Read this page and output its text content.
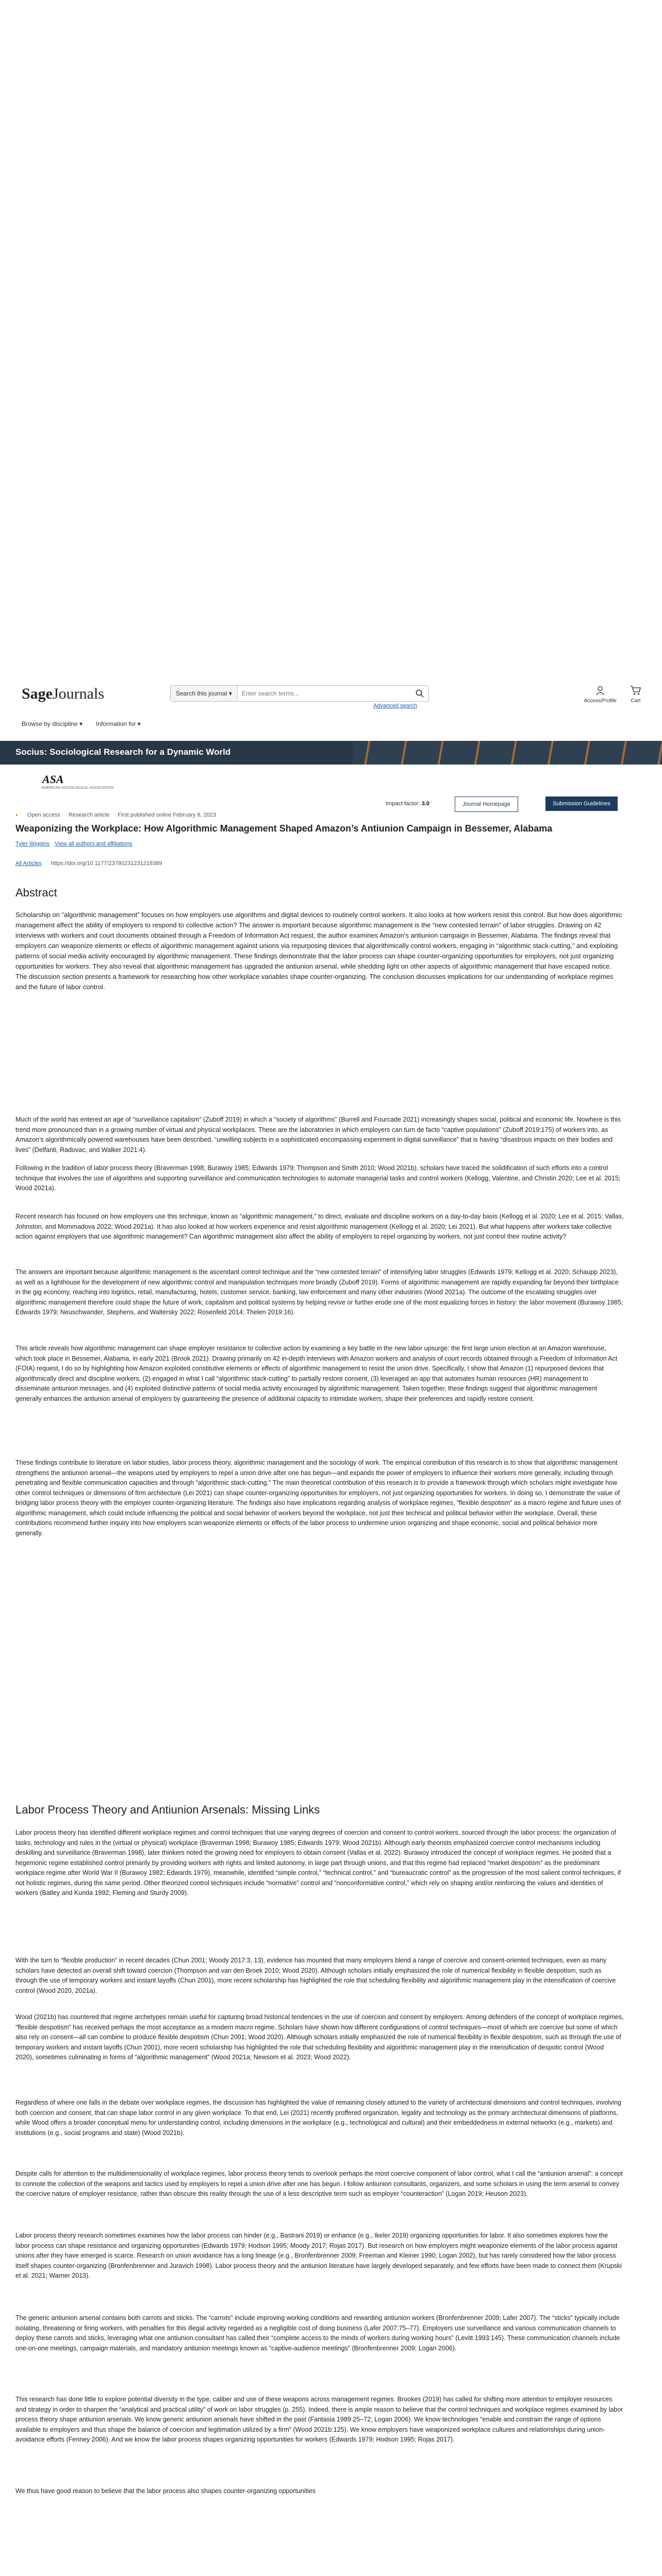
SageJournals	Search this journal ▾
Enter search terms...
Advanced search
Access/Profile	Cart
Browse by discipline ▾ Information for ▾
Socius: Sociological Research for a Dynamic World
ASA
AMERICAN SOCIOLOGICAL ASSOCIATION
Impact factor: 3.0	Journal Homepage	Submission Guidelines
◐ Open access Research article First published online February 8, 2023
Weaponizing the Workplace: How Algorithmic Management Shaped Amazon’s Antiunion Campaign in Bessemer, Alabama
Tyler Wiggins View all authors and affiliations
All Articles https://doi.org/10.1177/23780231231218389
Abstract

Scholarship on “algorithmic management” focuses on how employers use algorithms and digital devices to routinely control workers. It also looks at how workers resist this control. But how does algorithmic management affect the ability of employers to respond to collective action? The answer is important because algorithmic management is the “new contested terrain” of labor struggles. Drawing on 42 interviews with workers and court documents obtained through a Freedom of Information Act request, the author examines Amazon’s antiunion campaign in Bessemer, Alabama. The findings reveal that employers can weaponize elements or effects of algorithmic management against unions via repurposing devices that algorithmically control workers, engaging in “algorithmic stack-cutting,” and exploiting patterns of social media activity encouraged by algorithmic management. These findings demonstrate that the labor process can shape counter-organizing opportunities for employers, not just organizing opportunities for workers. They also reveal that algorithmic management has upgraded the antiunion arsenal, while shedding light on other aspects of algorithmic management that have escaped notice. The discussion section presents a framework for researching how other workplace variables shape counter-organizing. The conclusion discusses implications for our understanding of workplace regimes and the future of labor control.

Much of the world has entered an age of “surveillance capitalism” (Zuboff 2019) in which a “society of algorithms” (Burrell and Fourcade 2021) increasingly shapes social, political and economic life. Nowhere is this trend more pronounced than in a growing number of virtual and physical workplaces. These are the laboratories in which employers can turn de facto “captive populations” (Zuboff 2019:175) of workers into, as Amazon’s algorithmically powered warehouses have been described, “unwilling subjects in a sophisticated encompassing experiment in digital surveillance” that is having “disastrous impacts on their bodies and lives” (Delfanti, Radovac, and Walker 2021:4).

Following in the tradition of labor process theory (Braverman 1998; Burawoy 1985; Edwards 1979; Thompson and Smith 2010; Wood 2021b), scholars have traced the solidification of such efforts into a control technique that involves the use of algorithms and supporting surveillance and communication technologies to automate managerial tasks and control workers (Kellogg, Valentine, and Christin 2020; Lee et al. 2015; Wood 2021a).

Recent research has focused on how employers use this technique, known as “algorithmic management,” to direct, evaluate and discipline workers on a day-to-day basis (Kellogg et al. 2020; Lee et al. 2015; Vallas, Johnston, and Mommadova 2022; Wood 2021a). It has also looked at how workers experience and resist algorithmic management (Kellogg et al. 2020; Lei 2021). But what happens after workers take collective action against employers that use algorithmic management? Can algorithmic management also affect the ability of employers to repel organizing by workers, not just control their routine activity?

The answers are important because algorithmic management is the ascendant control technique and the “new contested terrain” of intensifying labor struggles (Edwards 1979; Kellogg et al. 2020; Schaupp 2023), as well as a lighthouse for the development of new algorithmic control and manipulation techniques more broadly (Zuboff 2019). Forms of algorithmic management are rapidly expanding far beyond their birthplace in the gig economy, reaching into logistics, retail, manufacturing, hotels, customer service, banking, law enforcement and many other industries (Wood 2021a). The outcome of the escalating struggles over algorithmic management therefore could shape the future of work, capitalism and political systems by helping revive or further erode one of the most equalizing forces in history: the labor movement (Burawoy 1985; Edwards 1979; Neuschwander, Stephens, and Waltersky 2022; Rosenfeld 2014; Thelen 2019:16).

This article reveals how algorithmic management can shape employer resistance to collective action by examining a key battle in the new labor upsurge: the first large union election at an Amazon warehouse, which took place in Bessemer, Alabama, in early 2021 (Brook 2021). Drawing primarily on 42 in-depth interviews with Amazon workers and analysis of court records obtained through a Freedom of Information Act (FOIA) request, I do so by highlighting how Amazon exploited constitutive elements or effects of algorithmic management to resist the union drive. Specifically, I show that Amazon (1) repurposed devices that algorithmically direct and discipline workers, (2) engaged in what I call “algorithmic stack-cutting” to partially restore consent, (3) leveraged an app that automates human resources (HR) management to disseminate antiunion messages, and (4) exploited distinctive patterns of social media activity encouraged by algorithmic management. Taken together, these findings suggest that algorithmic management generally enhances the antiunion arsenal of employers by guaranteeing the presence of additional capacity to intimidate workers, shape their preferences and rapidly restore consent.

These findings contribute to literature on labor studies, labor process theory, algorithmic management and the sociology of work. The empirical contribution of this research is to show that algorithmic management strengthens the antiunion arsenal—the weapons used by employers to repel a union drive after one has begun—and expands the power of employers to influence their workers more generally, including through penetrating and flexible communication capacities and through “algorithmic stack-cutting.” The main theoretical contribution of this research is to provide a framework through which scholars might investigate how other control techniques or dimensions of firm architecture (Lei 2021) can shape counter-organizing opportunities for employers, not just organizing opportunities for workers. In doing so, I demonstrate the value of bridging labor process theory with the employer counter-organizing literature. The findings also have implications regarding analysis of workplace regimes, “flexible despotism” as a macro regime and future uses of algorithmic management, which could include influencing the political and social behavior of workers beyond the workplace, not just their technical and political behavior within the workplace. Overall, these contributions recommend further inquiry into how employers scan weaponize elements or effects of the labor process to undermine union organizing and shape economic, social and political behavior more generally.

Labor Process Theory and Antiunion Arsenals: Missing Links

Labor process theory has identified different workplace regimes and control techniques that use varying degrees of coercion and consent to control workers, sourced through the labor process: the organization of tasks, technology and rules in the (virtual or physical) workplace (Braverman 1998; Burawoy 1985; Edwards 1979; Wood 2021b). Although early theorists emphasized coercive control mechanisms including deskilling and surveillance (Braverman 1998), later thinkers noted the growing need for employers to obtain consent (Vallas et al. 2022). Burawoy introduced the concept of workplace regimes. He posited that a hegemonic regime established control primarily by providing workers with rights and limited autonomy, in large part through unions, and that this regime had replaced “market despotism” as the predominant workplace regime after World War II (Burawoy 1982; Edwards 1979), meanwhile, identified “simple control,” “technical control,” and “bureaucratic control” as the progression of the most salient control techniques, if not holistic regimes, during the same period. Other theorized control techniques include “normative” control and “nonconformative control,” which rely on shaping and/or reinforcing the values and identities of workers (Batley and Kunda 1992; Fleming and Sturdy 2009).

With the turn to “flexible production” in recent decades (Chun 2001; Woody 2017:3, 13), evidence has mounted that many employers blend a range of coercive and consent-oriented techniques, even as many scholars have detected an overall shift toward coercion (Thompson and van den Broek 2010; Wood 2020). Although scholars initially emphasized the role of numerical flexibility in flexible despotism, such as through the use of temporary workers and instant layoffs (Chun 2001), more recent scholarship has highlighted the role that scheduling flexibility and algorithmic management play in the intensification of coercive control (Wood 2020, 2021a).

Wood (2021b) has countered that regime archetypes remain useful for capturing broad historical tendencies in the use of coercion and consent by employers. Among defenders of the concept of workplace regimes, “flexible despotism” has received perhaps the most acceptance as a modern macro regime. Scholars have shown how different configurations of control techniques—most of which are coercive but some of which also rely on consent—all can combine to produce flexible despotism (Chun 2001; Wood 2020). Although scholars initially emphasized the role of numerical flexibility in flexible despotism, such as through the use of temporary workers and instant layoffs (Chun 2001), more recent scholarship has highlighted the role that scheduling flexibility and algorithmic management play in the intensification of despotic control (Wood 2020), sometimes culminating in forms of “algorithmic management” (Wood 2021a; Newsom et al. 2023; Wood 2022).

Regardless of where one falls in the debate over workplace regimes, the discussion has highlighted the value of remaining closely attuned to the variety of architectural dimensions and control techniques, involving both coercion and consent, that can shape labor control in any given workplace. To that end, Lei (2021) recently proffered organization, legality and technology as the primary architectural dimensions of platforms, while Wood offers a broader conceptual menu for understanding control, including dimensions in the workplace (e.g., technological and cultural) and their embeddedness in external networks (e.g., markets) and institutions (e.g., social programs and state) (Wood 2021b).

Despite calls for attention to the multidimensionality of workplace regimes, labor process theory tends to overlook perhaps the most coercive component of labor control, what I call the “antiunion arsenal”: a concept to connote the collection of the weapons and tactics used by employers to repel a union drive after one has begun. I follow antiunion consultants, organizers, and some scholars in using the term arsenal to convey the coercive nature of employer resistance, rather than obscure this reality through the use of a less descriptive term such as employer “counteraction” (Logan 2019; Heuson 2023).

Labor process theory research sometimes examines how the labor process can hinder (e.g., Bastrani 2019) or enhance (e.g., Ikeler 2019) organizing opportunities for labor. It also sometimes explores how the labor process can shape resistance and organizing opportunities (Edwards 1979; Hodson 1995; Moody 2017; Rojas 2017). But research on how employers might weaponize elements of the labor process against unions after they have emerged is scarce. Research on union avoidance has a long lineage (e.g., Bronfenbrenner 2009; Freeman and Kleiner 1990; Logan 2002), but has rarely considered how the labor process itself shapes counter-organizing (Bronfenbrenner and Juravich 1998). Labor process theory and the antiunion literature have largely developed separately, and few efforts have been made to connect them (Krupski et al. 2021; Warner 2013).

The generic antiunion arsenal contains both carrots and sticks. The “carrots” include improving working conditions and rewarding antiunion workers (Bronfenbrenner 2009; Lafer 2007). The “sticks” typically include isolating, threatening or firing workers, with penalties for this illegal activity regarded as a negligible cost of doing business (Lafer 2007:75–77). Employers use surveillance and various communication channels to deploy these carrots and sticks, leveraging what one antiunion consultant has called their “complete access to the minds of workers during working hours” (Levitt 1993:145). These communication channels include one-on-one meetings, campaign materials, and mandatory antiunion meetings known as “captive-audience meetings” (Bronfenbrenner 2009; Logan 2006).

This research has done little to explore potential diversity in the type, caliber and use of these weapons across management regimes. Brookes (2019) has called for shifting more attention to employer resources and strategy in order to sharpen the “analytical and practical utility” of work on labor struggles (p. 255). Indeed, there is ample reason to believe that the control techniques and workplace regimes examined by labor process theory shape antiunion arsenals. We know generic antiunion arsenals have shifted in the past (Fantasia 1989:25–72; Logan 2006). We know technologies “enable and constrain the range of options available to employers and thus shape the balance of coercion and legitimation utilized by a firm” (Wood 2021b:125). We know employers have weaponized workplace cultures and relationships during union-avoidance efforts (Fenney 2006). And we know the labor process shapes organizing opportunities for workers (Edwards 1979; Hodson 1995; Rojas 2017).

We thus have good reason to believe that the labor process also shapes counter-organizing opportunities
